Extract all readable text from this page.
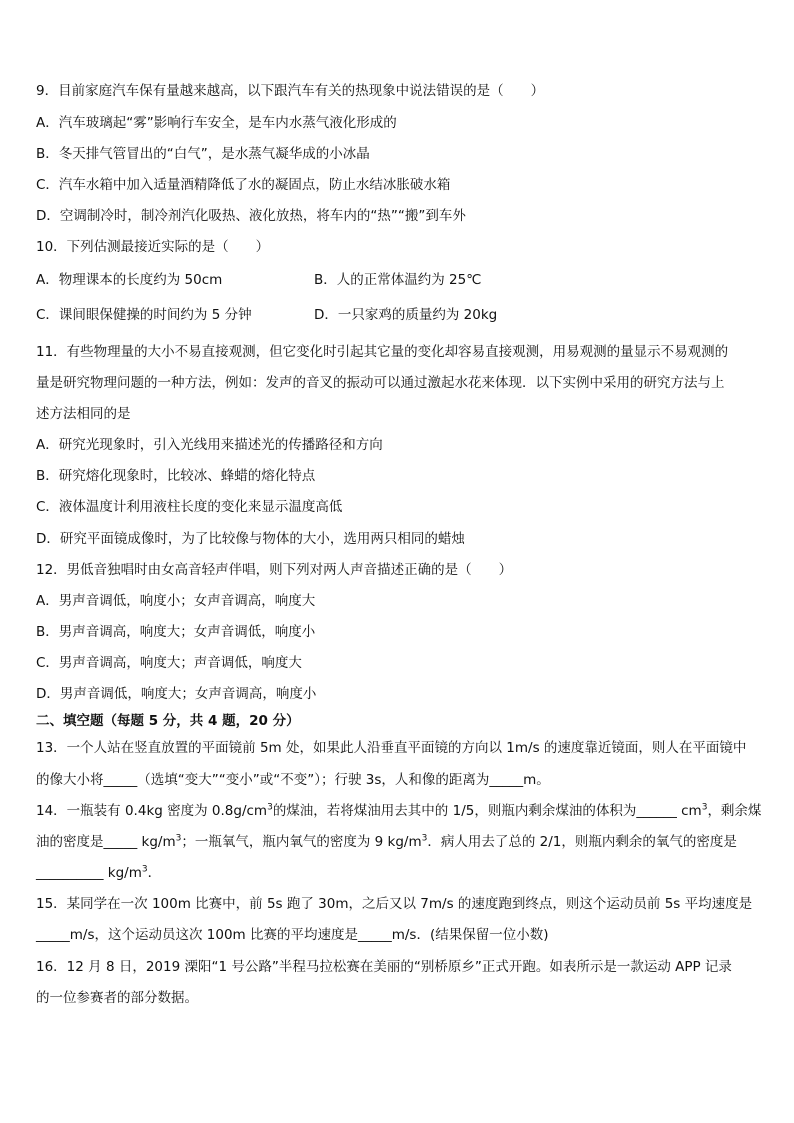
9．目前家庭汽车保有量越来越高，以下跟汽车有关的热现象中说法错误的是（　　）
A．汽车玻璃起“雾”影响行车安全，是车内水蒸气液化形成的
B．冬天排气管冒出的“白气”，是水蒸气凝华成的小冰晶
C．汽车水箱中加入适量酒精降低了水的凝固点，防止水结冰胀破水箱
D．空调制冷时，制冷剂汽化吸热、液化放热，将车内的“热”“搬”到车外
10．下列估测最接近实际的是（　　）
A．物理课本的长度约为 50cm	B．人的正常体温约为 25℃
C．课间眼保健操的时间约为 5 分钟	D．一只家鸡的质量约为 20kg
11．有些物理量的大小不易直接观测，但它变化时引起其它量的变化却容易直接观测，用易观测的量显示不易观测的
量是研究物理问题的一种方法，例如：发声的音叉的振动可以通过激起水花来体现．以下实例中采用的研究方法与上
述方法相同的是
A．研究光现象时，引入光线用来描述光的传播路径和方向
B．研究熔化现象时，比较冰、蜂蜡的熔化特点
C．液体温度计利用液柱长度的变化来显示温度高低
D．研究平面镜成像时，为了比较像与物体的大小，选用两只相同的蜡烛
12．男低音独唱时由女高音轻声伴唱，则下列对两人声音描述正确的是（　　）
A．男声音调低，响度小；女声音调高，响度大
B．男声音调高，响度大；女声音调低，响度小
C．男声音调高，响度大；声音调低，响度大
D．男声音调低，响度大；女声音调高，响度小
二、填空题（每题 5 分，共 4 题，20 分）
13．一个人站在竖直放置的平面镜前 5m 处，如果此人沿垂直平面镜的方向以 1m/s 的速度靠近镜面，则人在平面镜中
的像大小将_____（选填“变大”“变小”或“不变”）；行驶 3s，人和像的距离为_____m。
14．一瓶装有 0.4kg 密度为 $0.8g/cm^3$的煤油，若将煤油用去其中的 1/5，则瓶内剩余煤油的体积为______ $cm^3$，剩余煤
油的密度是_____ $kg/m^3$；一瓶氧气，瓶内氧气的密度为 9 $kg/m^3$．病人用去了总的 2/1，则瓶内剩余的氧气的密度是
__________ $kg/m^3$．
15．某同学在一次 100m 比赛中，前 5s 跑了 30m，之后又以 7m/s 的速度跑到终点，则这个运动员前 5s 平均速度是
_____m/s，这个运动员这次 100m 比赛的平均速度是_____m/s．(结果保留一位小数)
16．12 月 8 日，2019 溧阳“1 号公路”半程马拉松赛在美丽的“别桥原乡”正式开跑。如表所示是一款运动 APP 记录
的一位参赛者的部分数据。
